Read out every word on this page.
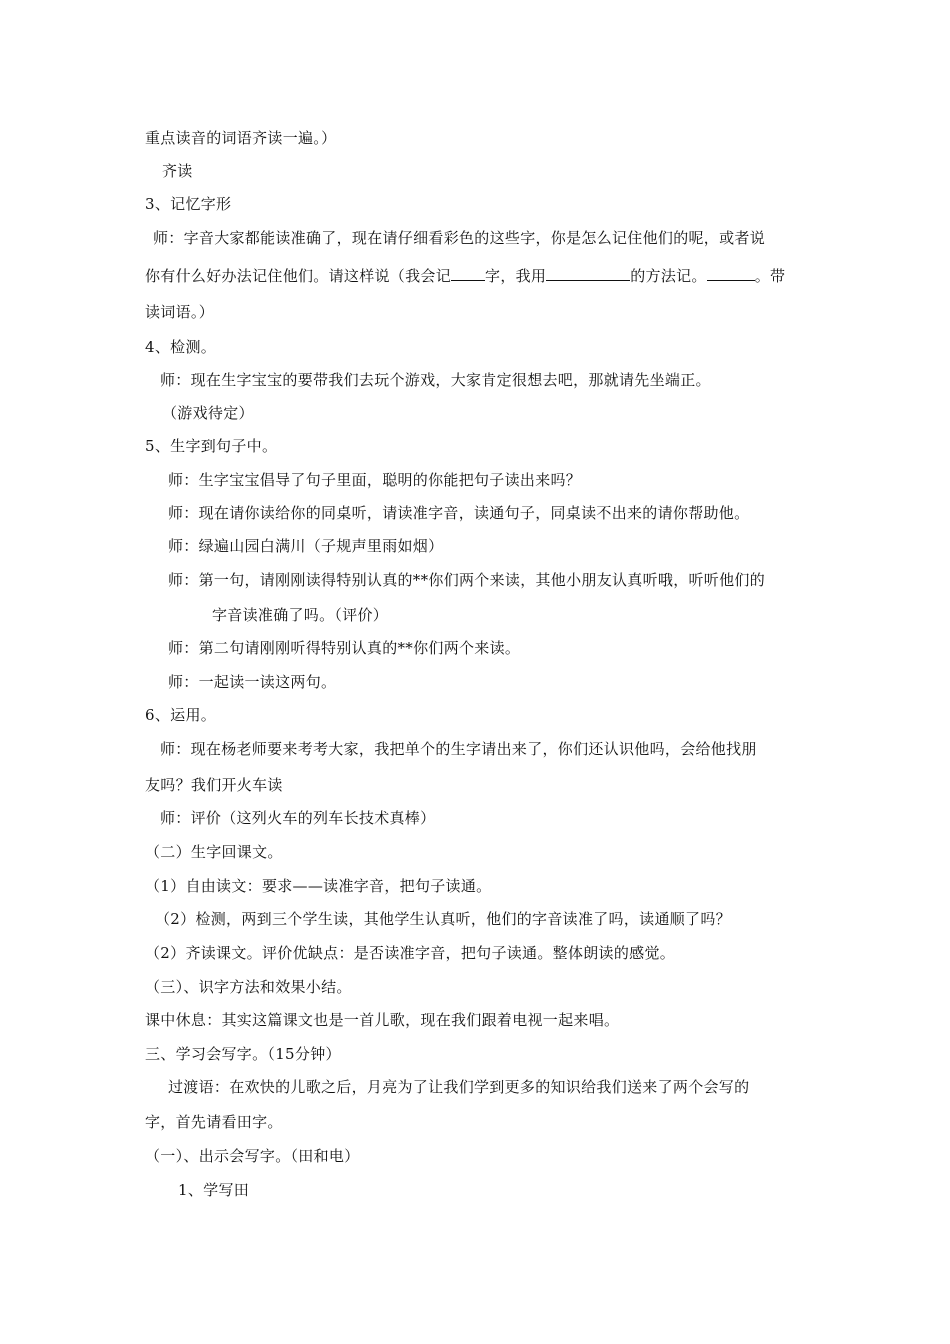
重点读音的词语齐读一遍。）
齐读
3、记忆字形
师：字音大家都能读准确了，现在请仔细看彩色的这些字，你是怎么记住他们的呢，或者说
你有什么好办法记住他们。请这样说（我会记 字，我用	的方法记。	。带
读词语。）
4、检测。
师：现在生字宝宝的要带我们去玩个游戏，大家肯定很想去吧，那就请先坐端正。
（游戏待定）
5、生字到句子中。
师：生字宝宝倡导了句子里面，聪明的你能把句子读出来吗？
师：现在请你读给你的同桌听，请读准字音，读通句子，同桌读不出来的请你帮助他。
师：绿遍山园白满川（子规声里雨如烟）
师：第一句，请刚刚读得特别认真的**你们两个来读，其他小朋友认真听哦，听听他们的
字音读准确了吗。（评价）
师：第二句请刚刚听得特别认真的**你们两个来读。
师：一起读一读这两句。
6、运用。
师：现在杨老师要来考考大家，我把单个的生字请出来了，你们还认识他吗，会给他找朋
友吗？我们开火车读
师：评价（这列火车的列车长技术真棒）
（二）生字回课文。
（1）自由读文：要求——读准字音，把句子读通。
（2）检测，两到三个学生读，其他学生认真听，他们的字音读准了吗，读通顺了吗？
（2）齐读课文。评价优缺点：是否读准字音，把句子读通。整体朗读的感觉。
（三）、识字方法和效果小结。
课中休息：其实这篇课文也是一首儿歌，现在我们跟着电视一起来唱。
三、学习会写字。（15分钟）
过渡语：在欢快的儿歌之后，月亮为了让我们学到更多的知识给我们送来了两个会写的
字，首先请看田字。
（一）、出示会写字。（田和电）
1、学写田
